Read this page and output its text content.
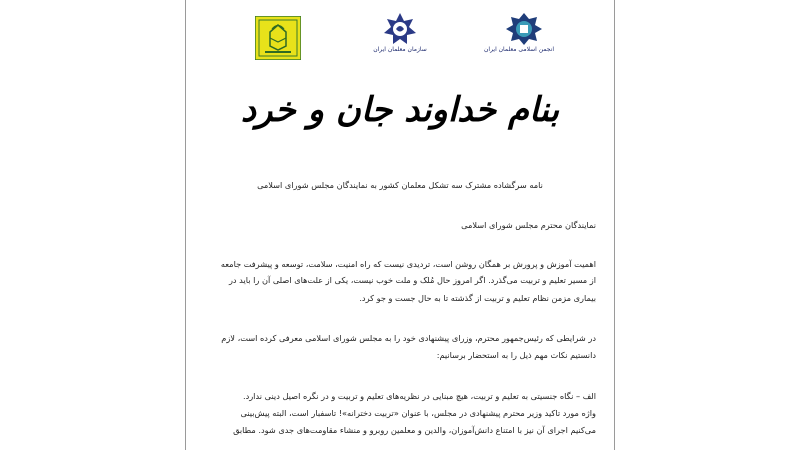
سازمان معلمان ایران	انجمن اسلامی معلمان ایران
بنام خداوند جان و خرد
نامه سرگشاده مشترک سه تشکل معلمان کشور به نمایندگان مجلس شورای اسلامی
نمایندگان محترم مجلس شورای اسلامی
اهمیت آموزش و پرورش بر همگان روشن است، تردیدی نیست که راه امنیت، سلامت، توسعه و پیشرفت جامعه
از مسیر تعلیم و تربیت می‌گذرد. اگر امروز حال مُلک و ملت خوب نیست، یکی از علت‌های اصلی آن را باید در
بیماری مزمن نظام تعلیم و تربیت از گذشته تا به حال جست و جو کرد.
در شرایطی که رئیس‌جمهور محترم، وزرای پیشنهادی خود را به مجلس شورای اسلامی معرفی کرده است، لازم
دانستیم نکات مهم ذیل را به استحضار برسانیم:
الف – نگاه جنسیتی به تعلیم و تربیت، هیچ مبنایی در نظریه‌های تعلیم و تربیت و در نگره اصیل دینی ندارد.
واژه مورد تاکید وزیر محترم پیشنهادی در مجلس، با عنوان «تربیت دخترانه»! تاسفبار است، البته پیش‌بینی
می‌کنیم اجرای آن نیز با امتناع دانش‌آموزان، والدین و معلمین روبرو و منشاء مقاومت‌های جدی شود. مطابق
